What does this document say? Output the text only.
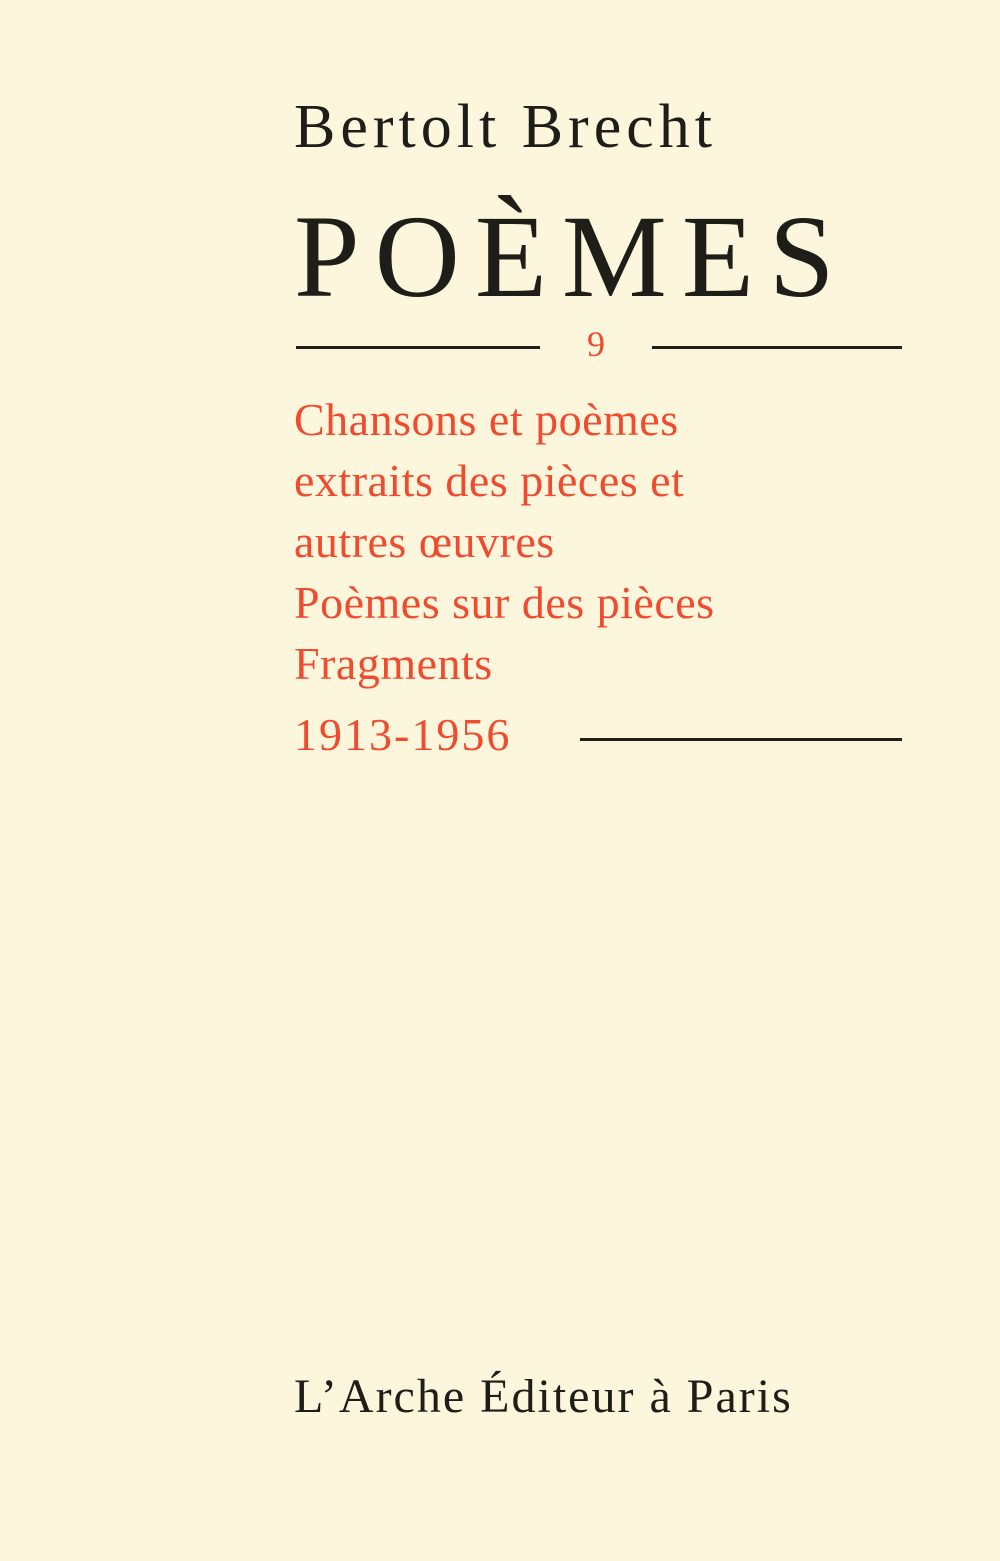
Bertolt Brecht
POÈMES
9
Chansons et poèmes
extraits des pièces et
autres œuvres
Poèmes sur des pièces
Fragments
1913-1956
L’Arche Éditeur à Paris
